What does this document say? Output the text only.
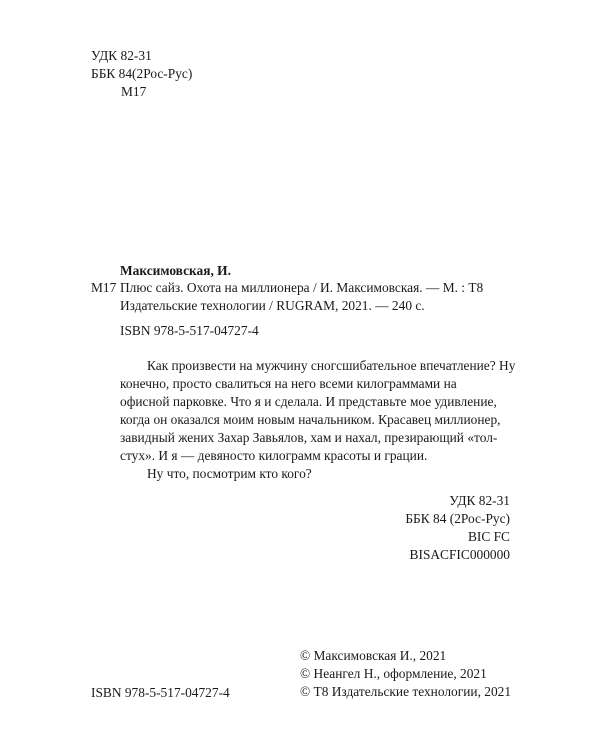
УДК 82-31
ББК 84(2Рос-Рус)
М17
Максимовская, И.
М17 Плюс сайз. Охота на миллионера / И. Максимовская. — М. : Т8
Издательские технологии / RUGRAM, 2021. — 240 с.
ISBN 978-5-517-04727-4
Как произвести на мужчину сногсшибательное впечатление? Ну
конечно, просто свалиться на него всеми килограммами на
офисной парковке. Что я и сделала. И представьте мое удивление,
когда он оказался моим новым начальником. Красавец миллионер,
завидный жених Захар Завьялов, хам и нахал, презирающий «тол-
стух». И я — девяносто килограмм красоты и грации.
Ну что, посмотрим кто кого?
УДК 82-31
ББК 84 (2Рос-Рус)
BIC FC
BISACFIC000000
© Максимовская И., 2021
© Неангел Н., оформление, 2021
© Т8 Издательские технологии, 2021
ISBN 978-5-517-04727-4
